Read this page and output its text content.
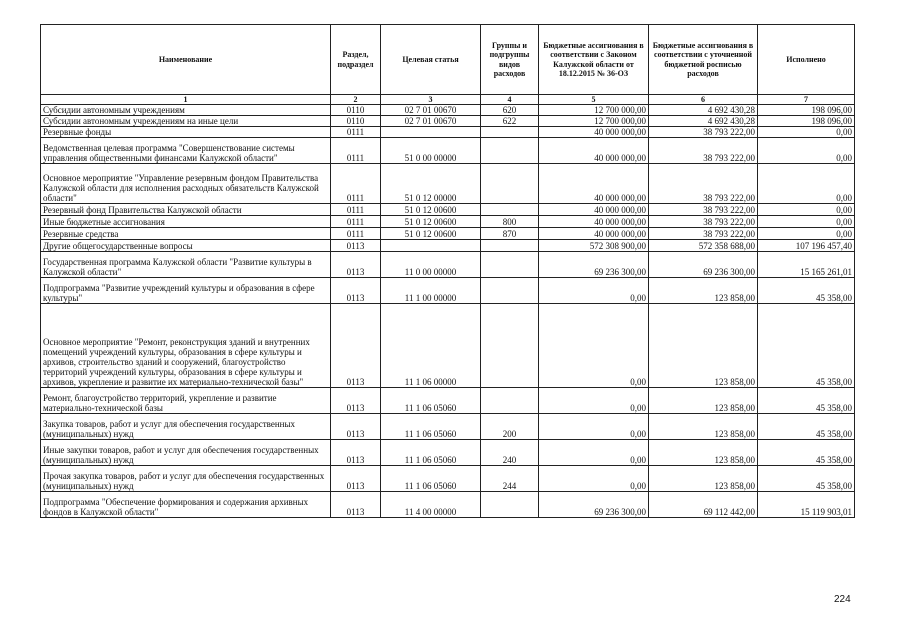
Наименование	Раздел, подраздел	Целевая статья	Группы и подгруппы видов расходов	Бюджетные ассигнования в соответствии с Законом Калужской области от 18.12.2015 № 36-ОЗ	Бюджетные ассигнования в соответствии с уточненной бюджетной росписью расходов	Исполнено
1	2	3	4	5	6	7
Субсидии автономным учреждениям	0110	02 7 01 00670	620	12 700 000,00	4 692 430,28	198 096,00
Субсидии автономным учреждениям на иные цели	0110	02 7 01 00670	622	12 700 000,00	4 692 430,28	198 096,00
Резервные фонды	0111			40 000 000,00	38 793 222,00	0,00
Ведомственная целевая программа "Совершенствование системы управления общественными финансами Калужской области"	0111	51 0 00 00000		40 000 000,00	38 793 222,00	0,00
Основное мероприятие "Управление резервным фондом Правительства Калужской области для исполнения расходных обязательств Калужской области"	0111	51 0 12 00000		40 000 000,00	38 793 222,00	0,00
Резервный фонд Правительства Калужской области	0111	51 0 12 00600		40 000 000,00	38 793 222,00	0,00
Иные бюджетные ассигнования	0111	51 0 12 00600	800	40 000 000,00	38 793 222,00	0,00
Резервные средства	0111	51 0 12 00600	870	40 000 000,00	38 793 222,00	0,00
Другие общегосударственные вопросы	0113			572 308 900,00	572 358 688,00	107 196 457,40
Государственная программа Калужской области "Развитие культуры в Калужской области"	0113	11 0 00 00000		69 236 300,00	69 236 300,00	15 165 261,01
Подпрограмма "Развитие учреждений культуры и образования в сфере культуры"	0113	11 1 00 00000		0,00	123 858,00	45 358,00
Основное мероприятие "Ремонт, реконструкция зданий и внутренних помещений учреждений культуры, образования в сфере культуры и архивов, строительство зданий и сооружений, благоустройство территорий учреждений культуры, образования в сфере культуры и архивов, укрепление и развитие их материально-технической базы"	0113	11 1 06 00000		0,00	123 858,00	45 358,00
Ремонт, благоустройство территорий, укрепление и развитие материально-технической базы	0113	11 1 06 05060		0,00	123 858,00	45 358,00
Закупка товаров, работ и услуг для обеспечения государственных (муниципальных) нужд	0113	11 1 06 05060	200	0,00	123 858,00	45 358,00
Иные закупки товаров, работ и услуг для обеспечения государственных (муниципальных) нужд	0113	11 1 06 05060	240	0,00	123 858,00	45 358,00
Прочая закупка товаров, работ и услуг для обеспечения государственных (муниципальных) нужд	0113	11 1 06 05060	244	0,00	123 858,00	45 358,00
Подпрограмма "Обеспечение формирования и содержания архивных фондов в Калужской области"	0113	11 4 00 00000		69 236 300,00	69 112 442,00	15 119 903,01
224
